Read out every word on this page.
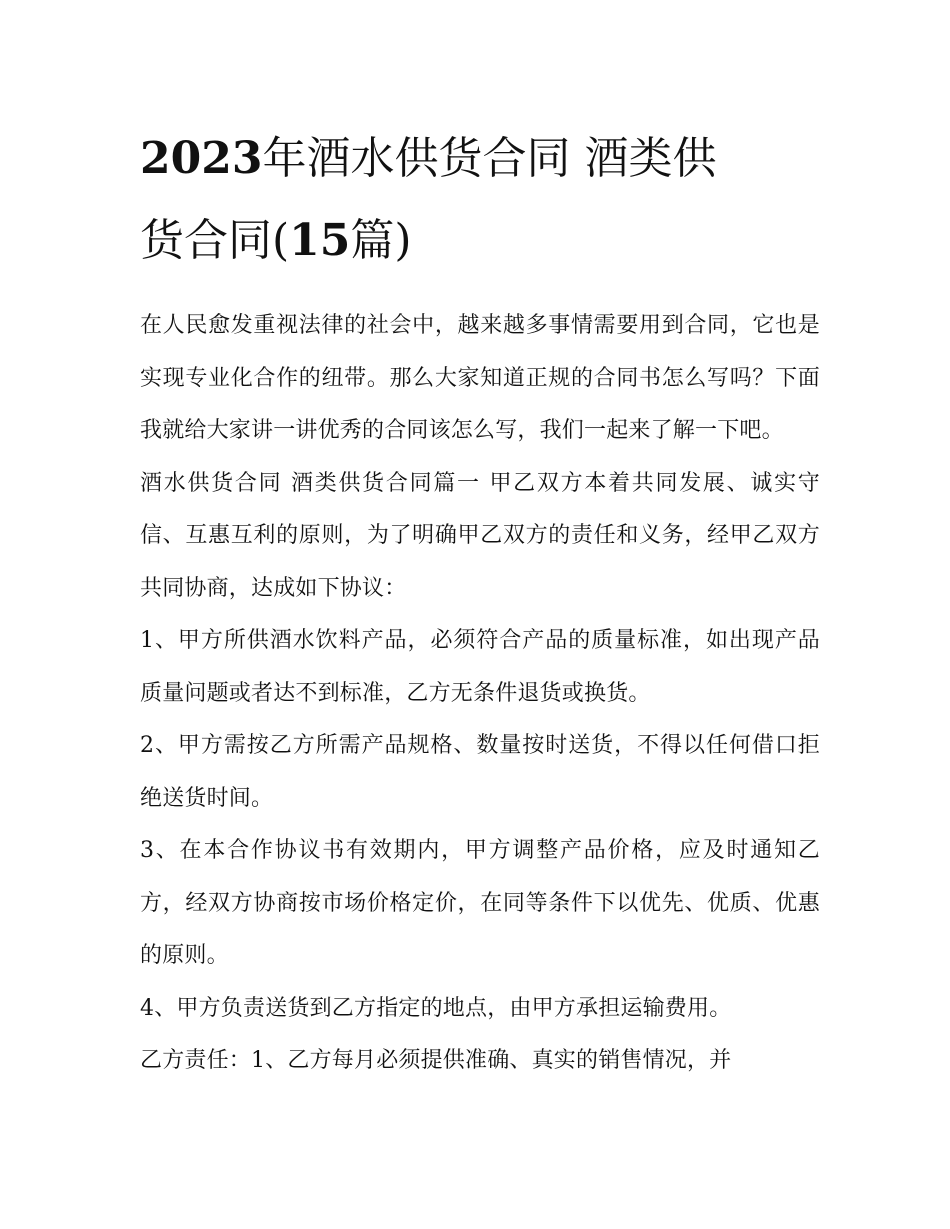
2023年酒水供货合同 酒类供
货合同(15篇)

在人民愈发重视法律的社会中，越来越多事情需要用到合同，它也是实现专业化合作的纽带。那么大家知道正规的合同书怎么写吗？下面我就给大家讲一讲优秀的合同该怎么写，我们一起来了解一下吧。

酒水供货合同 酒类供货合同篇一 甲乙双方本着共同发展、诚实守信、互惠互利的原则，为了明确甲乙双方的责任和义务，经甲乙双方共同协商，达成如下协议：

1、甲方所供酒水饮料产品，必须符合产品的质量标准，如出现产品质量问题或者达不到标准，乙方无条件退货或换货。

2、甲方需按乙方所需产品规格、数量按时送货，不得以任何借口拒绝送货时间。

3、在本合作协议书有效期内，甲方调整产品价格，应及时通知乙方，经双方协商按市场价格定价，在同等条件下以优先、优质、优惠的原则。

4、甲方负责送货到乙方指定的地点，由甲方承担运输费用。

乙方责任：1、乙方每月必须提供准确、真实的销售情况，并
